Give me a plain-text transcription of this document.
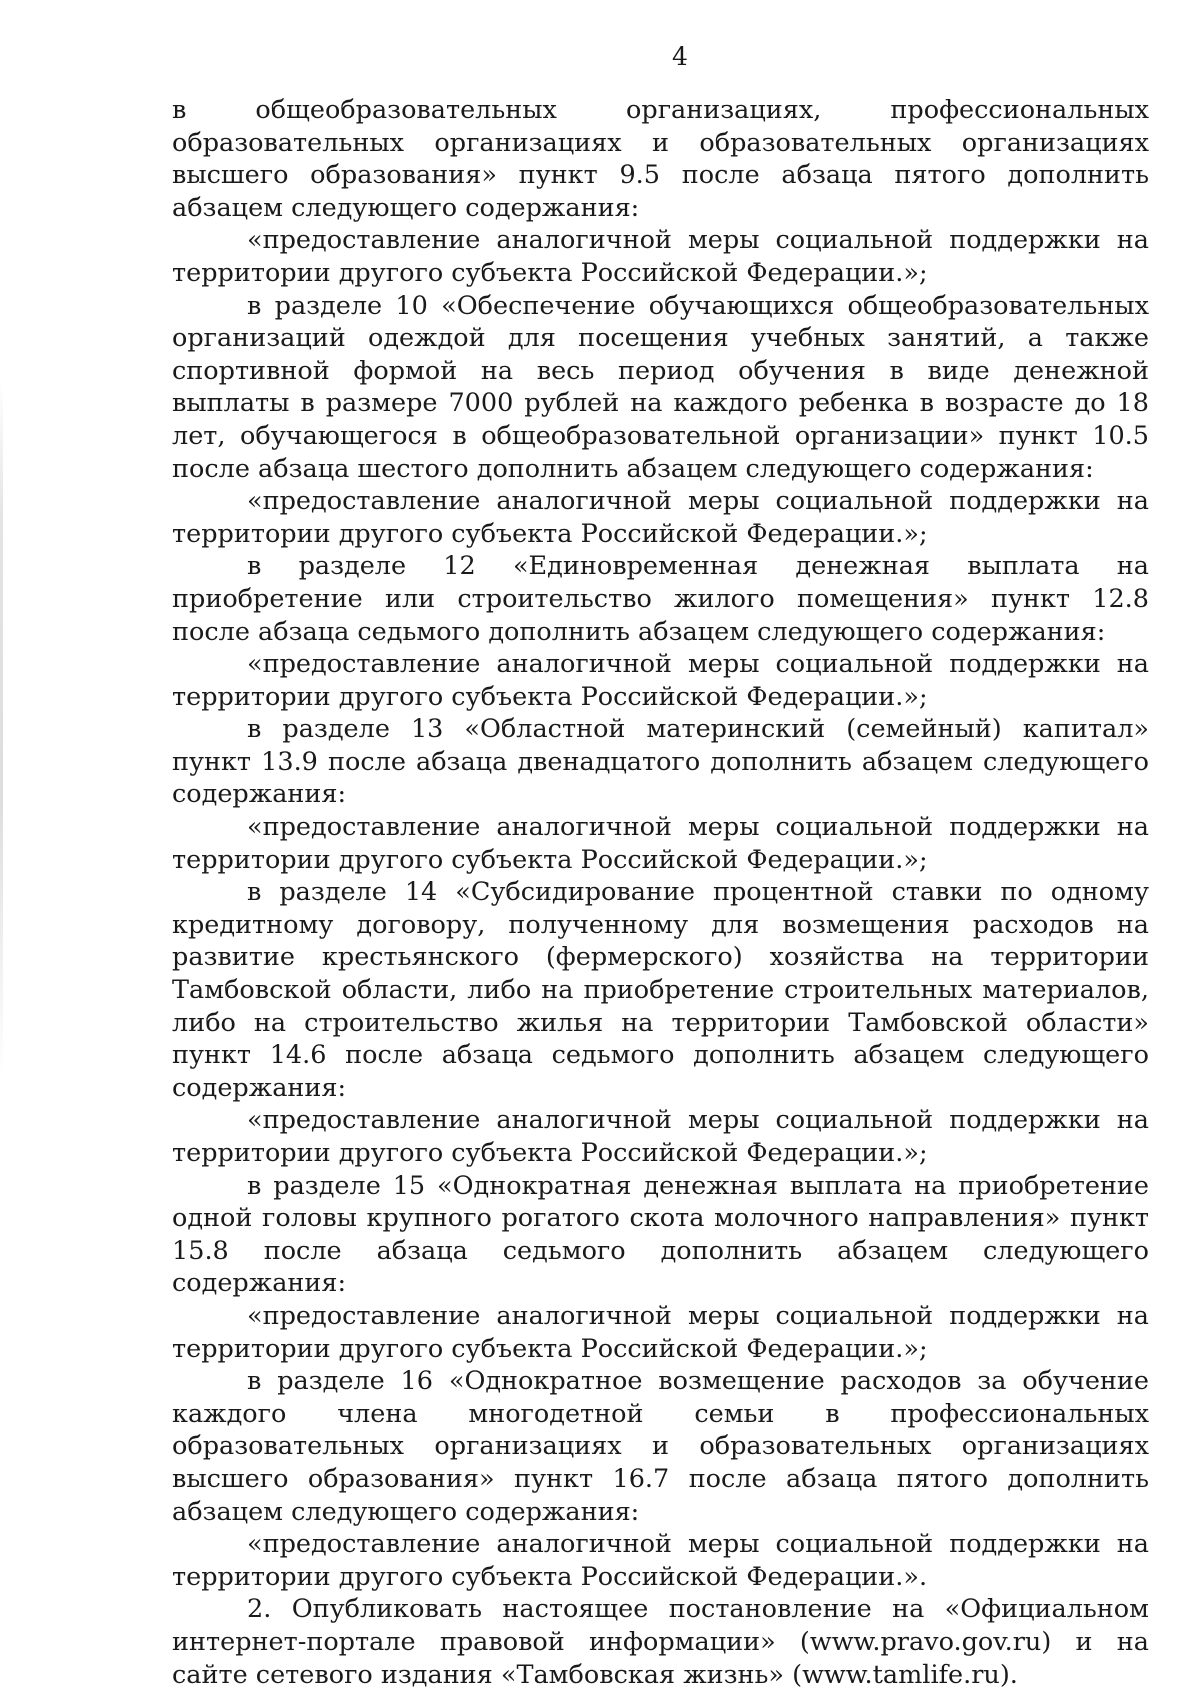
4

в общеобразовательных организациях, профессиональных образовательных организациях и образовательных организациях высшего образования» пункт 9.5 после абзаца пятого дополнить абзацем следующего содержания:

«предоставление аналогичной меры социальной поддержки на территории другого субъекта Российской Федерации.»;

в разделе 10 «Обеспечение обучающихся общеобразовательных организаций одеждой для посещения учебных занятий, а также спортивной формой на весь период обучения в виде денежной выплаты в размере 7000 рублей на каждого ребенка в возрасте до 18 лет, обучающегося в общеобразовательной организации» пункт 10.5 после абзаца шестого дополнить абзацем следующего содержания:

«предоставление аналогичной меры социальной поддержки на территории другого субъекта Российской Федерации.»;

в разделе 12 «Единовременная денежная выплата на приобретение или строительство жилого помещения» пункт 12.8 после абзаца седьмого дополнить абзацем следующего содержания:

«предоставление аналогичной меры социальной поддержки на территории другого субъекта Российской Федерации.»;

в разделе 13 «Областной материнский (семейный) капитал» пункт 13.9 после абзаца двенадцатого дополнить абзацем следующего содержания:

«предоставление аналогичной меры социальной поддержки на территории другого субъекта Российской Федерации.»;

в разделе 14 «Субсидирование процентной ставки по одному кредитному договору, полученному для возмещения расходов на развитие крестьянского (фермерского) хозяйства на территории Тамбовской области, либо на приобретение строительных материалов, либо на строительство жилья на территории Тамбовской области» пункт 14.6 после абзаца седьмого дополнить абзацем следующего содержания:

«предоставление аналогичной меры социальной поддержки на территории другого субъекта Российской Федерации.»;

в разделе 15 «Однократная денежная выплата на приобретение одной головы крупного рогатого скота молочного направления» пункт 15.8 после абзаца седьмого дополнить абзацем следующего содержания:

«предоставление аналогичной меры социальной поддержки на территории другого субъекта Российской Федерации.»;

в разделе 16 «Однократное возмещение расходов за обучение каждого члена многодетной семьи в профессиональных образовательных организациях и образовательных организациях высшего образования» пункт 16.7 после абзаца пятого дополнить абзацем следующего содержания:

«предоставление аналогичной меры социальной поддержки на территории другого субъекта Российской Федерации.».

2. Опубликовать настоящее постановление на «Официальном интернет-портале правовой информации» (www.pravo.gov.ru) и на сайте сетевого издания «Тамбовская жизнь» (www.tamlife.ru).
